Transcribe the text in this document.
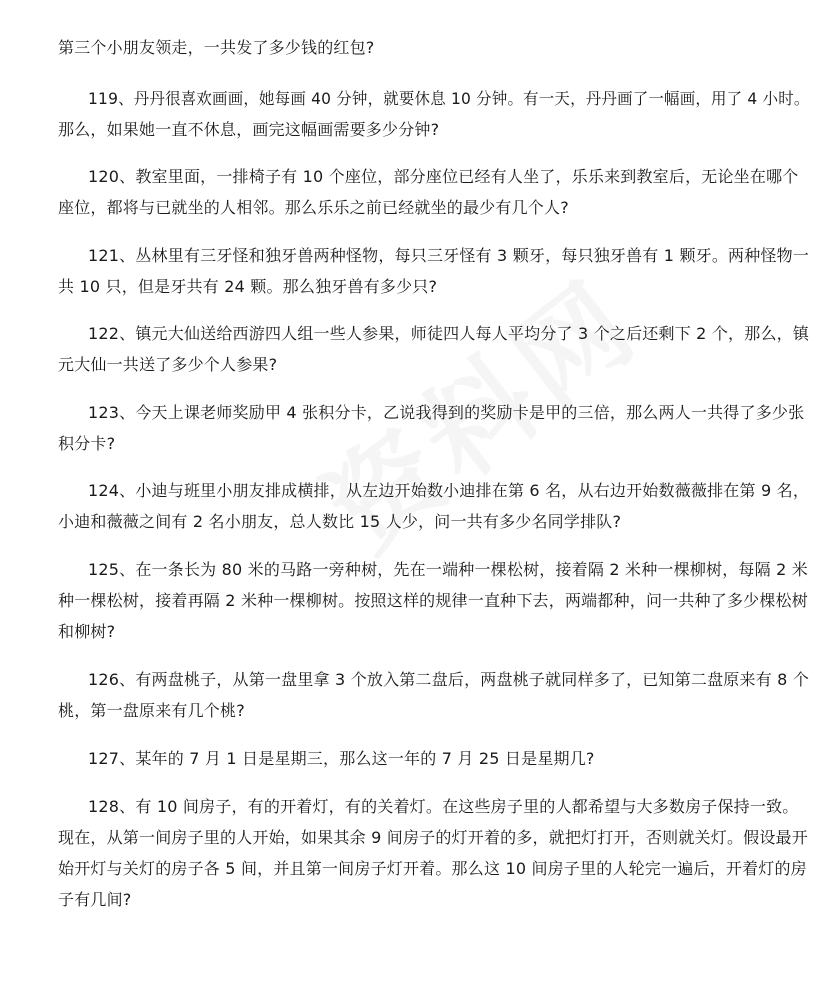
第三个小朋友领走，一共发了多少钱的红包?
119、丹丹很喜欢画画，她每画 40 分钟，就要休息 10 分钟。有一天，丹丹画了一幅画，用了 4 小时。
那么，如果她一直不休息，画完这幅画需要多少分钟?
120、教室里面，一排椅子有 10 个座位，部分座位已经有人坐了，乐乐来到教室后，无论坐在哪个
座位，都将与已就坐的人相邻。那么乐乐之前已经就坐的最少有几个人?
121、丛林里有三牙怪和独牙兽两种怪物，每只三牙怪有 3 颗牙，每只独牙兽有 1 颗牙。两种怪物一
共 10 只，但是牙共有 24 颗。那么独牙兽有多少只?
122、镇元大仙送给西游四人组一些人参果，师徒四人每人平均分了 3 个之后还剩下 2 个，那么，镇
元大仙一共送了多少个人参果?
123、今天上课老师奖励甲 4 张积分卡，乙说我得到的奖励卡是甲的三倍，那么两人一共得了多少张
积分卡?
124、小迪与班里小朋友排成横排，从左边开始数小迪排在第 6 名，从右边开始数薇薇排在第 9 名，
小迪和薇薇之间有 2 名小朋友，总人数比 15 人少，问一共有多少名同学排队?
125、在一条长为 80 米的马路一旁种树，先在一端种一棵松树，接着隔 2 米种一棵柳树，每隔 2 米
种一棵松树，接着再隔 2 米种一棵柳树。按照这样的规律一直种下去，两端都种，问一共种了多少棵松树
和柳树?
126、有两盘桃子，从第一盘里拿 3 个放入第二盘后，两盘桃子就同样多了，已知第二盘原来有 8 个
桃，第一盘原来有几个桃?
127、某年的 7 月 1 日是星期三，那么这一年的 7 月 25 日是星期几?
128、有 10 间房子，有的开着灯，有的关着灯。在这些房子里的人都希望与大多数房子保持一致。
现在，从第一间房子里的人开始，如果其余 9 间房子的灯开着的多，就把灯打开，否则就关灯。假设最开
始开灯与关灯的房子各 5 间，并且第一间房子灯开着。那么这 10 间房子里的人轮完一遍后，开着灯的房
子有几间?
